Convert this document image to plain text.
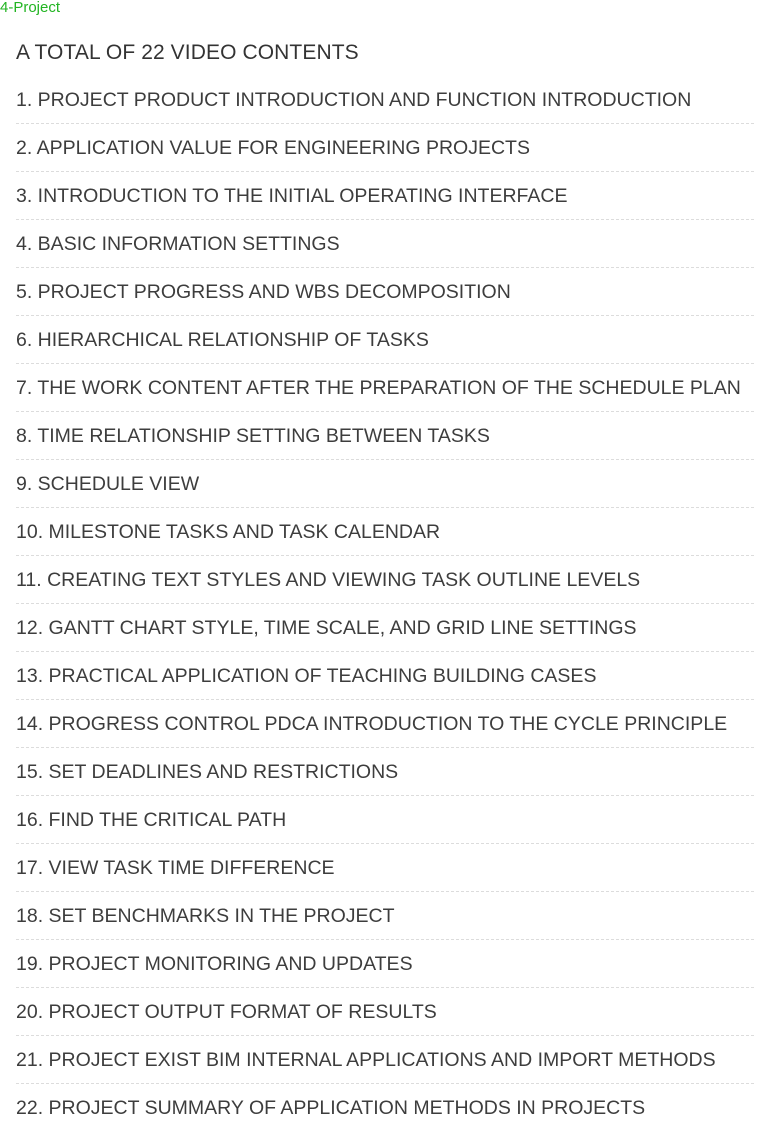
4-Project
A TOTAL OF 22 VIDEO CONTENTS
1. PROJECT PRODUCT INTRODUCTION AND FUNCTION INTRODUCTION
2. APPLICATION VALUE FOR ENGINEERING PROJECTS
3. INTRODUCTION TO THE INITIAL OPERATING INTERFACE
4. BASIC INFORMATION SETTINGS
5. PROJECT PROGRESS AND WBS DECOMPOSITION
6. HIERARCHICAL RELATIONSHIP OF TASKS
7. THE WORK CONTENT AFTER THE PREPARATION OF THE SCHEDULE PLAN
8. TIME RELATIONSHIP SETTING BETWEEN TASKS
9. SCHEDULE VIEW
10. MILESTONE TASKS AND TASK CALENDAR
11. CREATING TEXT STYLES AND VIEWING TASK OUTLINE LEVELS
12. GANTT CHART STYLE, TIME SCALE, AND GRID LINE SETTINGS
13. PRACTICAL APPLICATION OF TEACHING BUILDING CASES
14. PROGRESS CONTROL PDCA INTRODUCTION TO THE CYCLE PRINCIPLE
15. SET DEADLINES AND RESTRICTIONS
16. FIND THE CRITICAL PATH
17. VIEW TASK TIME DIFFERENCE
18. SET BENCHMARKS IN THE PROJECT
19. PROJECT MONITORING AND UPDATES
20. PROJECT OUTPUT FORMAT OF RESULTS
21. PROJECT EXIST BIM INTERNAL APPLICATIONS AND IMPORT METHODS
22. PROJECT SUMMARY OF APPLICATION METHODS IN PROJECTS
